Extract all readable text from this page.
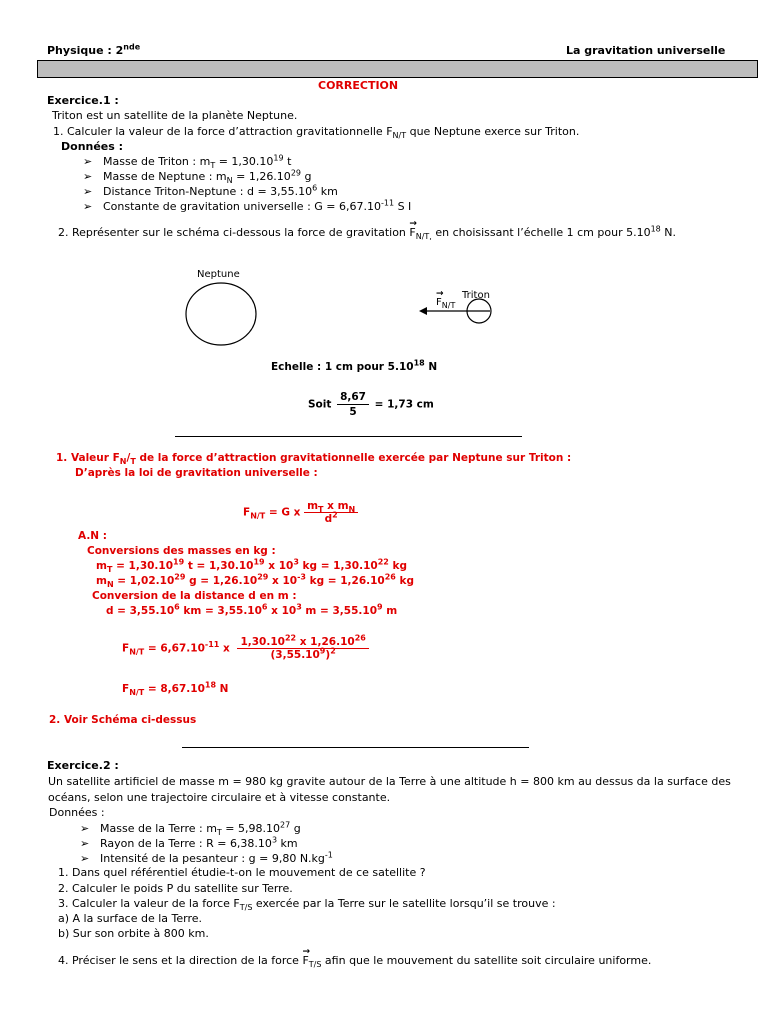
Physique : 2nde	La gravitation universelle
CORRECTION
Exercice.1 :
Triton est un satellite de la planète Neptune.
1. Calculer la valeur de la force d’attraction gravitationnelle $F_{N/T}$ que Neptune exerce sur Triton.
Données :
➢ Masse de Triton : $m_T = 1,30.10^{19}$ t
➢ Masse de Neptune : $m_N = 1,26.10^{29}$ g
➢ Distance Triton-Neptune : $d = 3,55.10^6$ km
➢ Constante de gravitation universelle : $G = 6,67.10^{-11}$ S I
2. Représenter sur le schéma ci-dessous la force de gravitation → $F_{N/T,}$ en choisissant l’échelle 1 cm pour 5.10$^{18}$ N.
Neptune
Triton
→ $F_{N/T}$
Echelle : 1 cm pour 5.10$^{18}$ N
Soit $\frac{8,67}{5} = 1,73$ cm
1. Valeur $F_N/_T$ de la force d’attraction gravitationnelle exercée par Neptune sur Triton :
D’après la loi de gravitation universelle :
$F_{N/T} = G$ x $\frac{m_T x m_N}{d^2}$
A.N :
Conversions des masses en kg :
$m_T = 1,30.10^{19}$ $t = 1,30.10^{19}$ x $10^3$ kg = $1,30.10^{22}$ kg
$m_N = 1,02.10^{29}$ $g = 1,26.10^{29}$ x $10^{-3}$ kg = $1,26.10^{26}$ kg
Conversion de la distance d en m :
$d = 3,55.10^6$ km = $3,55.10^6$ x $10^3$ $m = 3,55.10^9$ m
$F_{N/T} = 6,67.10^{-11}$ x $\frac{1,30.10^{22} x 1,26.10^{26}}{(3,55.10^9)^2}$
$F_{N/T} = 8,67.10^{18}$ N
2. Voir Schéma ci-dessus
Exercice.2 :
Un satellite artificiel de masse m = 980 kg gravite autour de la Terre à une altitude h = 800 km au dessus da la surface des
océans, selon une trajectoire circulaire et à vitesse constante.
Données :
➢ Masse de la Terre : $m_T = 5,98.10^{27}$ g
➢ Rayon de la Terre : $R = 6,38.10^3$ km
➢ Intensité de la pesanteur : g = 9,80 $N.kg^{-1}$
1. Dans quel référentiel étudie-t-on le mouvement de ce satellite ?
2. Calculer le poids P du satellite sur Terre.
3. Calculer la valeur de la force $F_{T/S}$ exercée par la Terre sur le satellite lorsqu’il se trouve :
a) A la surface de la Terre.
b) Sur son orbite à 800 km.
4. Préciser le sens et la direction de la force → $F_{T/S}$ afin que le mouvement du satellite soit circulaire uniforme.
